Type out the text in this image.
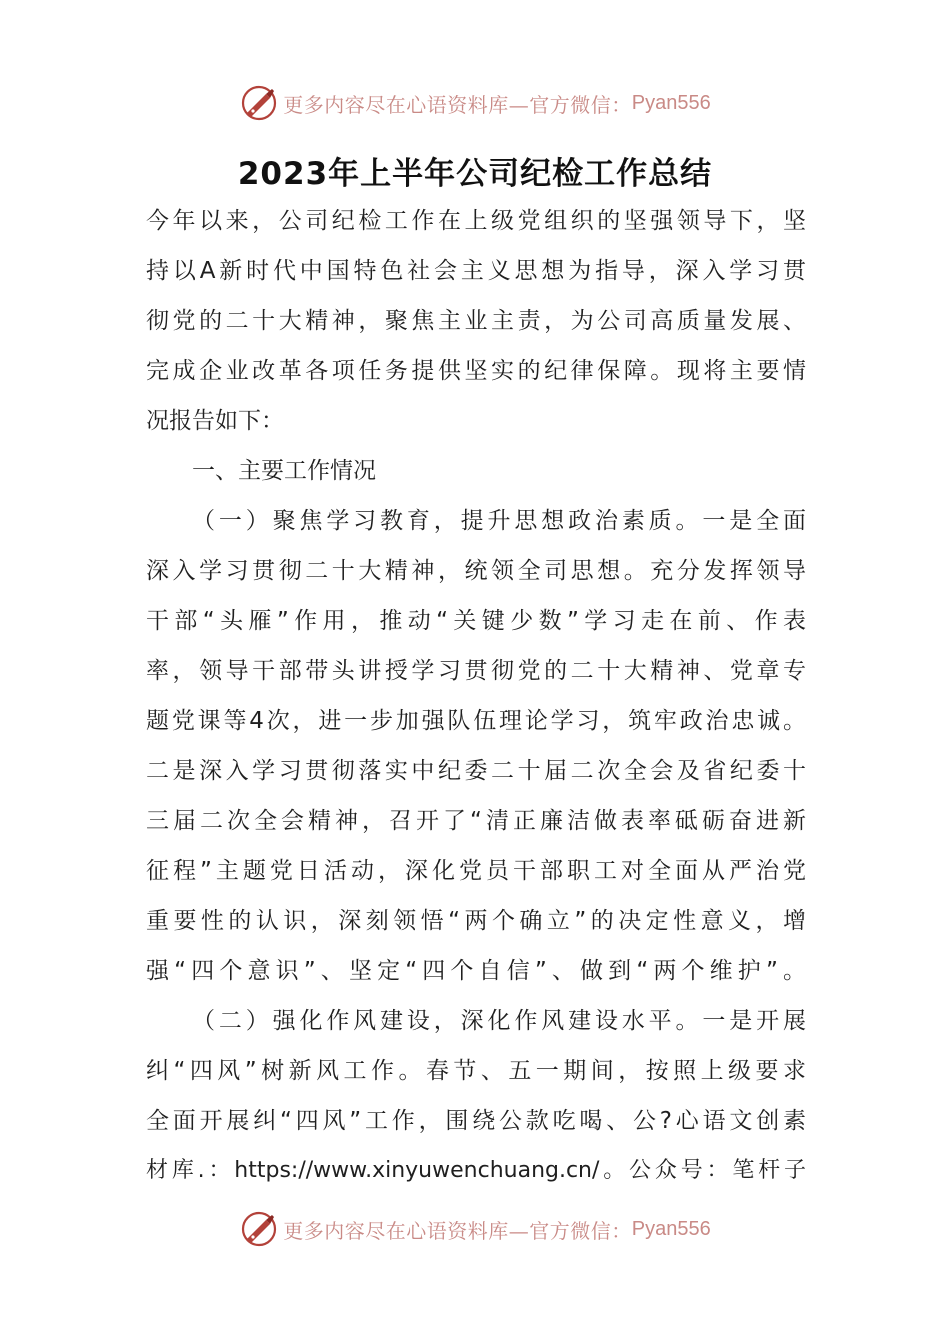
更多内容尽在心语资料库—官方微信： Pyan556
2023年上半年公司纪检工作总结
今年以来，公司纪检工作在上级党组织的坚强领导下，坚
持以A新时代中国特色社会主义思想为指导，深入学习贯
彻党的二十大精神，聚焦主业主责，为公司高质量发展、
完成企业改革各项任务提供坚实的纪律保障。现将主要情
况报告如下：
一、主要工作情况
（一）聚焦学习教育，提升思想政治素质。一是全面
深入学习贯彻二十大精神，统领全司思想。充分发挥领导
干部“头雁”作用，推动“关键少数”学习走在前、作表
率，领导干部带头讲授学习贯彻党的二十大精神、党章专
题党课等4次，进一步加强队伍理论学习，筑牢政治忠诚。
二是深入学习贯彻落实中纪委二十届二次全会及省纪委十
三届二次全会精神，召开了“清正廉洁做表率砥砺奋进新
征程”主题党日活动，深化党员干部职工对全面从严治党
重要性的认识，深刻领悟“两个确立”的决定性意义，增
强“四个意识”、坚定“四个自信”、做到“两个维护”。
（二）强化作风建设，深化作风建设水平。一是开展
纠“四风”树新风工作。春节、五一期间，按照上级要求
全面开展纠“四风”工作，围绕公款吃喝、公?心语文创素
材库.：https://www.xinyuwenchuang.cn/。公众号：笔杆子
更多内容尽在心语资料库—官方微信： Pyan556
